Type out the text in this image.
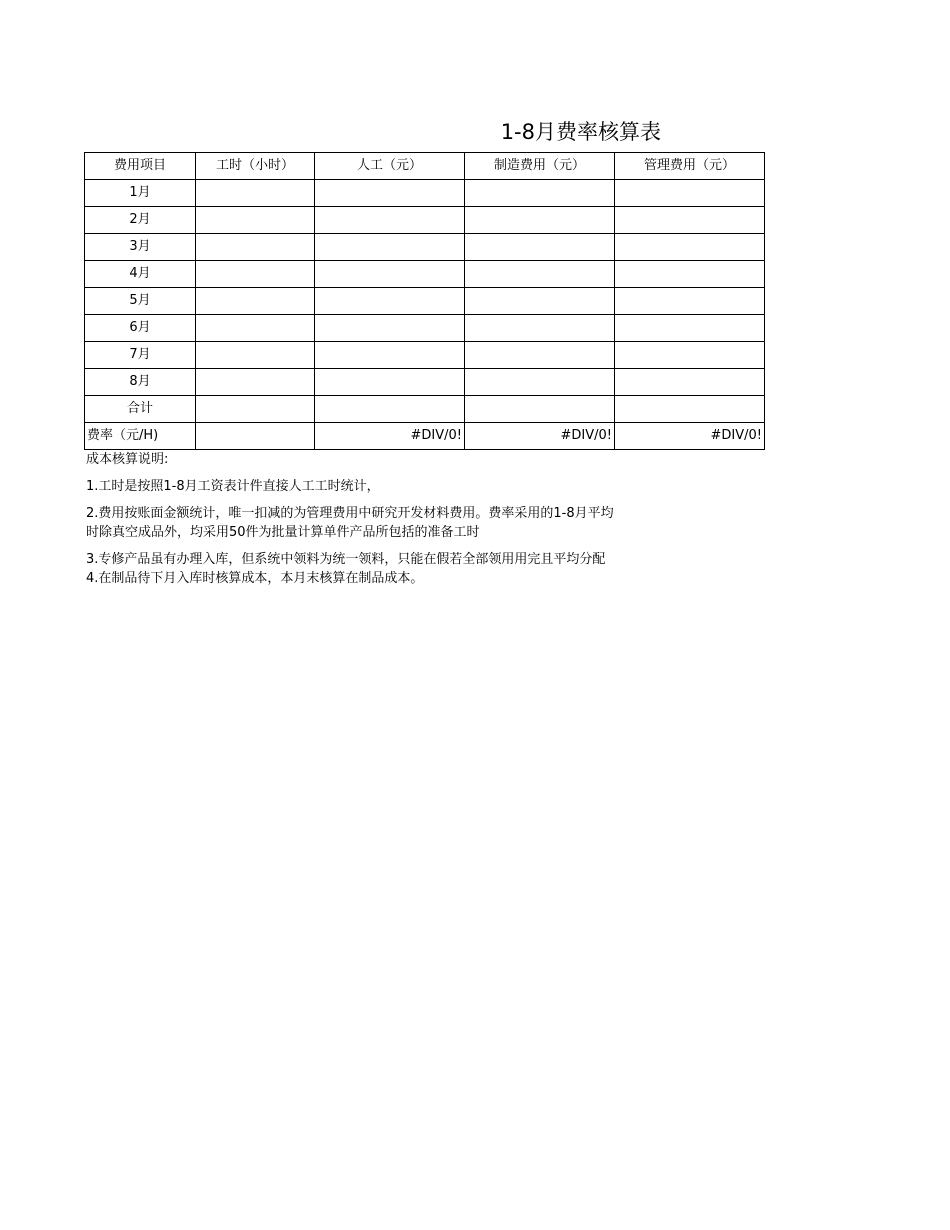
1-8月费率核算表
费用项目	工时（小时）	人工（元）	制造费用（元）	管理费用（元）
1月				
2月				
3月				
4月				
5月				
6月				
7月				
8月				
合计				
费率（元/H)		#DIV/0!	#DIV/0!	#DIV/0!
成本核算说明:
1.工时是按照1-8月工资表计件直接人工工时统计，
2.费用按账面金额统计，唯一扣减的为管理费用中研究开发材料费用。费率采用的1-8月平均
时除真空成品外，均采用50件为批量计算单件产品所包括的准备工时
3.专修产品虽有办理入库，但系统中领料为统一领料，只能在假若全部领用用完且平均分配
4.在制品待下月入库时核算成本，本月末核算在制品成本。
